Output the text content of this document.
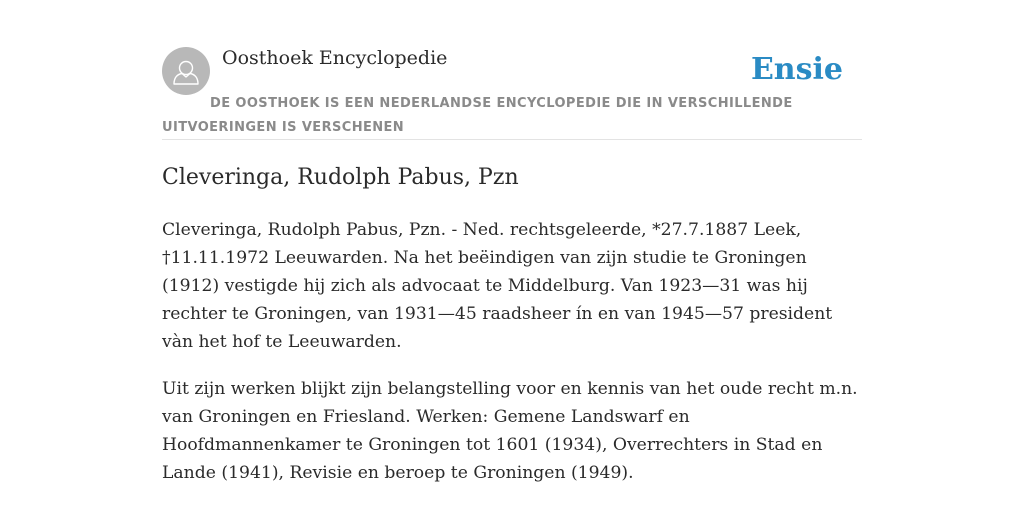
Oosthoek Encyclopedie	Ensie
DE OOSTHOEK IS EEN NEDERLANDSE ENCYCLOPEDIE DIE IN VERSCHILLENDE UITVOERINGEN IS VERSCHENEN
Cleveringa, Rudolph Pabus, Pzn

Cleveringa, Rudolph Pabus, Pzn. - Ned. rechtsgeleerde, *27.7.1887 Leek, †11.11.1972 Leeuwarden. Na het beëindigen van zijn studie te Groningen (1912) vestigde hij zich als advocaat te Middelburg. Van 1923—31 was hij rechter te Groningen, van 1931—45 raadsheer ín en van 1945—57 president vàn het hof te Leeuwarden.

Uit zijn werken blijkt zijn belangstelling voor en kennis van het oude recht m.n. van Groningen en Friesland. Werken: Gemene Landswarf en Hoofdmannenkamer te Groningen tot 1601 (1934), Overrechters in Stad en Lande (1941), Revisie en beroep te Groningen (1949).
